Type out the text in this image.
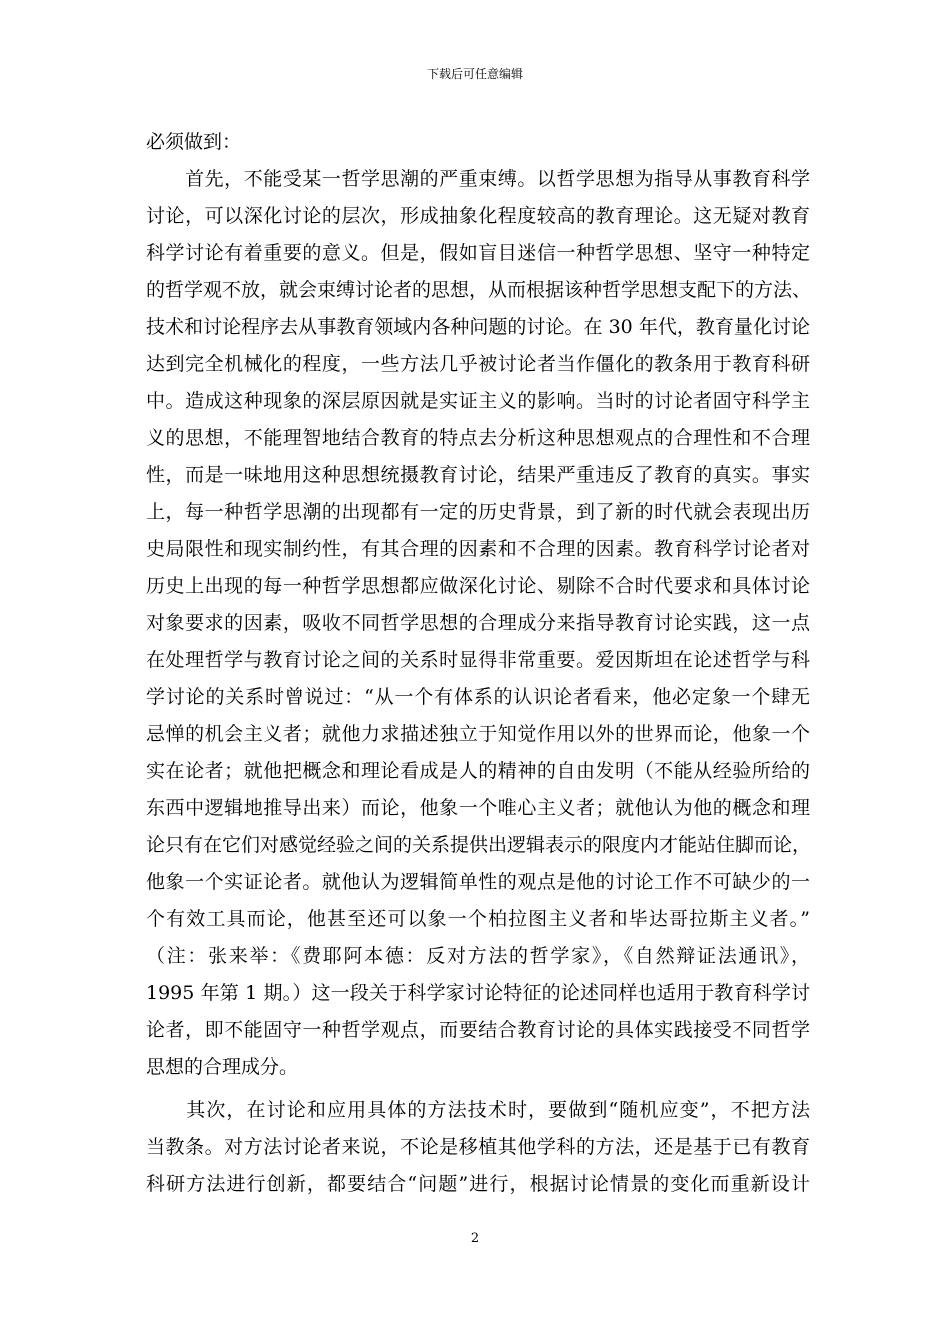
下载后可任意编辑
必须做到：
　　首先，不能受某一哲学思潮的严重束缚。以哲学思想为指导从事教育科学
讨论，可以深化讨论的层次，形成抽象化程度较高的教育理论。这无疑对教育
科学讨论有着重要的意义。但是，假如盲目迷信一种哲学思想、坚守一种特定
的哲学观不放，就会束缚讨论者的思想，从而根据该种哲学思想支配下的方法、
技术和讨论程序去从事教育领域内各种问题的讨论。在 30 年代，教育量化讨论
达到完全机械化的程度，一些方法几乎被讨论者当作僵化的教条用于教育科研
中。造成这种现象的深层原因就是实证主义的影响。当时的讨论者固守科学主
义的思想，不能理智地结合教育的特点去分析这种思想观点的合理性和不合理
性，而是一味地用这种思想统摄教育讨论，结果严重违反了教育的真实。事实
上，每一种哲学思潮的出现都有一定的历史背景，到了新的时代就会表现出历
史局限性和现实制约性，有其合理的因素和不合理的因素。教育科学讨论者对
历史上出现的每一种哲学思想都应做深化讨论、剔除不合时代要求和具体讨论
对象要求的因素，吸收不同哲学思想的合理成分来指导教育讨论实践，这一点
在处理哲学与教育讨论之间的关系时显得非常重要。爱因斯坦在论述哲学与科
学讨论的关系时曾说过：“从一个有体系的认识论者看来，他必定象一个肆无
忌惮的机会主义者；就他力求描述独立于知觉作用以外的世界而论，他象一个
实在论者；就他把概念和理论看成是人的精神的自由发明（不能从经验所给的
东西中逻辑地推导出来）而论，他象一个唯心主义者；就他认为他的概念和理
论只有在它们对感觉经验之间的关系提供出逻辑表示的限度内才能站住脚而论，
他象一个实证论者。就他认为逻辑简单性的观点是他的讨论工作不可缺少的一
个有效工具而论，他甚至还可以象一个柏拉图主义者和毕达哥拉斯主义者。”
（注：张来举：《费耶阿本德：反对方法的哲学家》，《自然辩证法通讯》，
1995 年第 1 期。）这一段关于科学家讨论特征的论述同样也适用于教育科学讨
论者，即不能固守一种哲学观点，而要结合教育讨论的具体实践接受不同哲学
思想的合理成分。
　　其次，在讨论和应用具体的方法技术时，要做到“随机应变”，不把方法
当教条。对方法讨论者来说，不论是移植其他学科的方法，还是基于已有教育
科研方法进行创新，都要结合“问题”进行，根据讨论情景的变化而重新设计
2
